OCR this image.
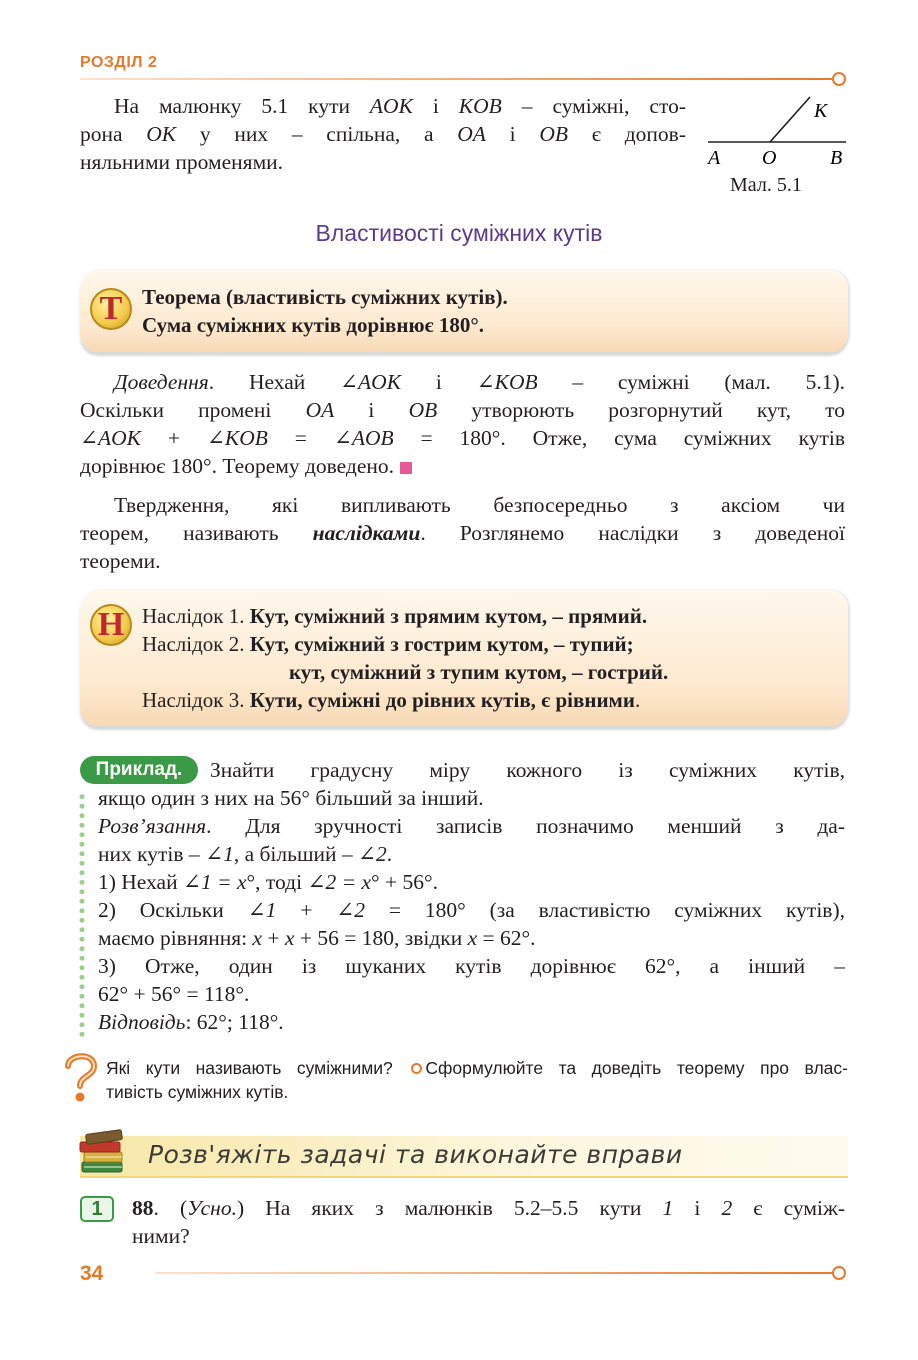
РОЗДІЛ 2
На малюнку 5.1 кути AOK і KOB – суміжні, сто-
рона OK у них – спільна, а OA і OB є допов-
няльними променями.
K
A O	B
Мал. 5.1
Властивості суміжних кутів
Т Теорема (властивість суміжних кутів).
Сума суміжних кутів дорівнює 180°.
Доведення. Нехай ∠AOK і ∠KOB – суміжні (мал. 5.1).
Оскільки промені OA і OB утворюють розгорнутий кут, то
∠AOK + ∠KOB = ∠AOB = 180°. Отже, сума суміжних кутів
дорівнює 180°. Теорему доведено.
Твердження, які випливають безпосередньо з аксіом чи
теорем, називають наслідками. Розглянемо наслідки з доведеної
теореми.
Н Наслідок 1. Кут, суміжний з прямим кутом, – прямий.
Наслідок 2. Кут, суміжний з гострим кутом, – тупий;
кут, суміжний з тупим кутом, – гострий.
Наслідок 3. Кути, суміжні до рівних кутів, є рівними.
Приклад.	Знайти градусну міру кожного із суміжних кутів,
якщо один з них на 56° більший за інший.
Розв’язання. Для зручності записів позначимо менший з да-
них кутів – ∠1, а більший – ∠2.
1) Нехай ∠1 = x°, тоді ∠2 = x° + 56°.
2) Оскільки ∠1 + ∠2 = 180° (за властивістю суміжних кутів),
маємо рівняння: x + x + 56 = 180, звідки x = 62°.
3) Отже, один із шуканих кутів дорівнює 62°, а інший –
62° + 56° = 118°.
Відповідь: 62°; 118°.
Які кути називають суміжними? Сформулюйте та доведіть теорему про влас-
тивість суміжних кутів.
Розв'яжіть задачі та виконайте вправи
1	88. (Усно.) На яких з малюнків 5.2–5.5 кути 1 і 2 є суміж-
ними?
34
